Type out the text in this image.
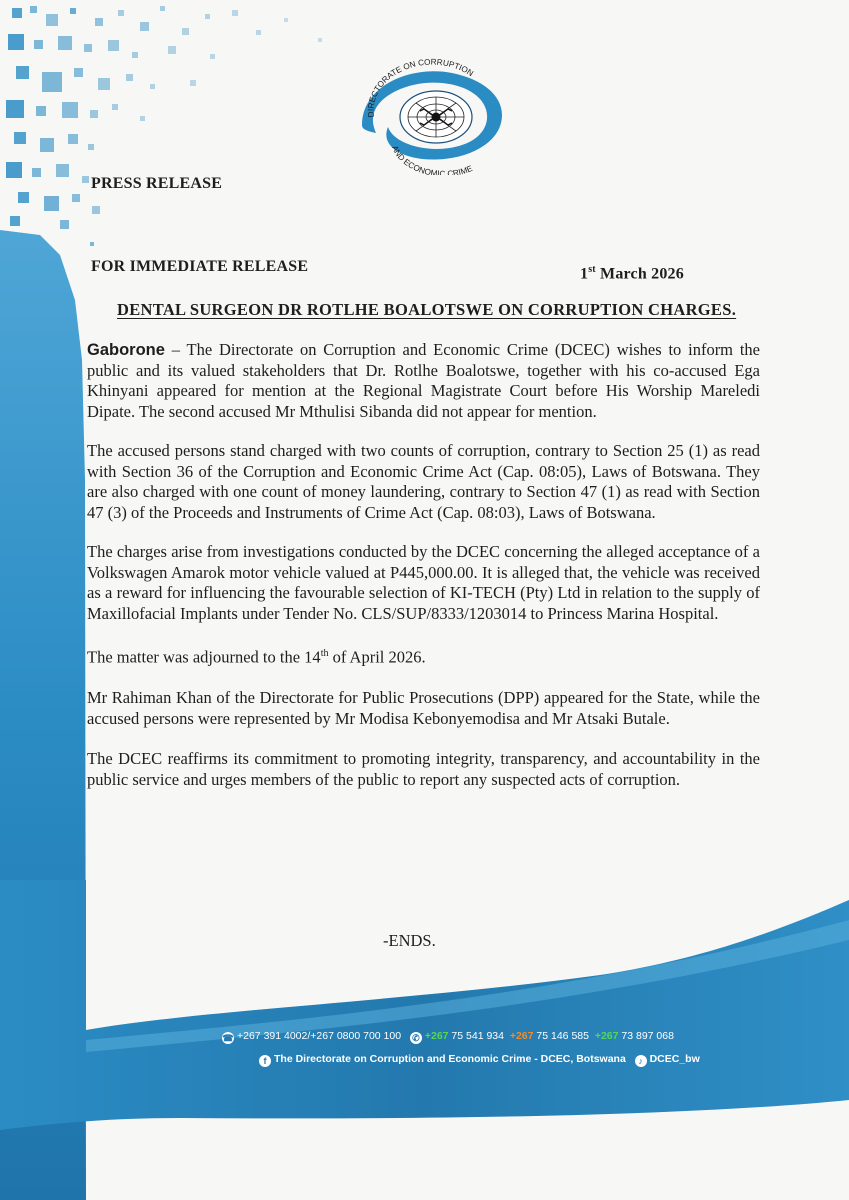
DIRECTORATE ON CORRUPTION
AND ECONOMIC CRIME
PRESS RELEASE
FOR IMMEDIATE RELEASE	1st March 2026
DENTAL SURGEON DR ROTLHE BOALOTSWE ON CORRUPTION CHARGES.

Gaborone – The Directorate on Corruption and Economic Crime (DCEC) wishes to inform the public and its valued stakeholders that Dr. Rotlhe Boalotswe, together with his co-accused Ega Khinyani appeared for mention at the Regional Magistrate Court before His Worship Mareledi Dipate. The second accused Mr Mthulisi Sibanda did not appear for mention.

The accused persons stand charged with two counts of corruption, contrary to Section 25 (1) as read with Section 36 of the Corruption and Economic Crime Act (Cap. 08:05), Laws of Botswana. They are also charged with one count of money laundering, contrary to Section 47 (1) as read with Section 47 (3) of the Proceeds and Instruments of Crime Act (Cap. 08:03), Laws of Botswana.

The charges arise from investigations conducted by the DCEC concerning the alleged acceptance of a Volkswagen Amarok motor vehicle valued at P445,000.00. It is alleged that, the vehicle was received as a reward for influencing the favourable selection of KI-TECH (Pty) Ltd in relation to the supply of Maxillofacial Implants under Tender No. CLS/SUP/8333/1203014 to Princess Marina Hospital.

The matter was adjourned to the 14th of April 2026.

Mr Rahiman Khan of the Directorate for Public Prosecutions (DPP) appeared for the State, while the accused persons were represented by Mr Modisa Kebonyemodisa and Mr Atsaki Butale.

The DCEC reaffirms its commitment to promoting integrity, transparency, and accountability in the public service and urges members of the public to report any suspected acts of corruption.

-ENDS.
☎ +267 391 4002/+267 0800 700 100 ✆ +267 75 541 934 +267 75 146 585 +267 73 897 068
f The Directorate on Corruption and Economic Crime - DCEC, Botswana ♪ DCEC_bw
